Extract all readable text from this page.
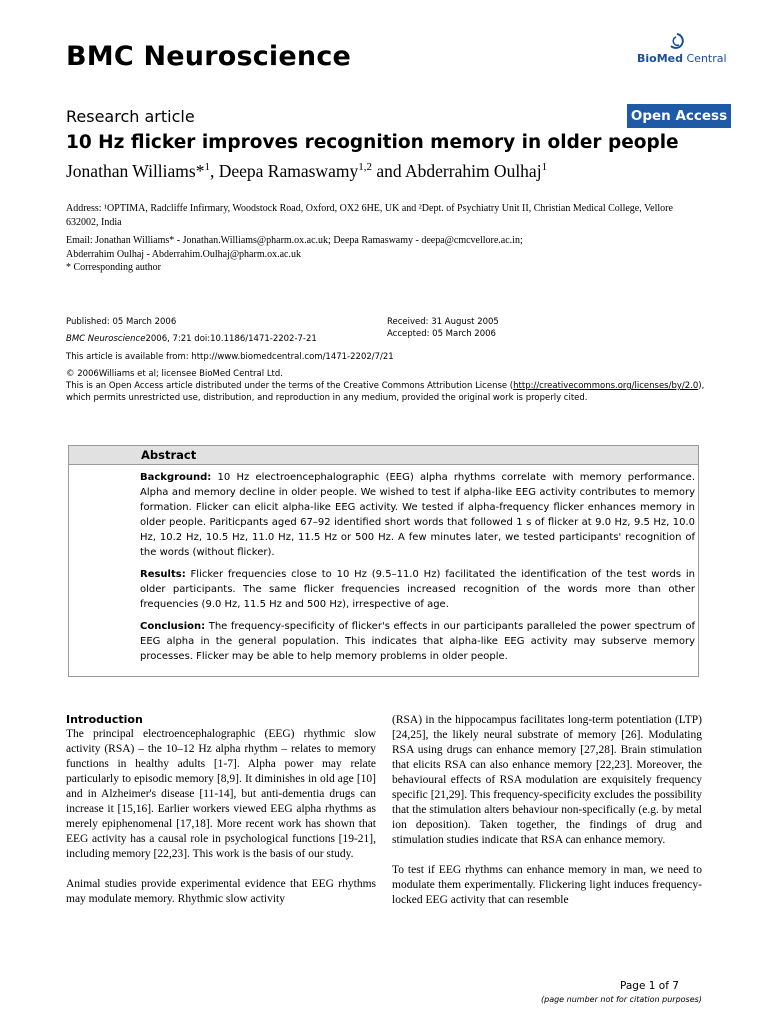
BMC Neuroscience	BioMed Central
Research article	Open Access
10 Hz flicker improves recognition memory in older people
Jonathan Williams*$^1$, Deepa Ramaswamy$^{1,2}$ and Abderrahim Oulhaj$^1$
Address: ¹OPTIMA, Radcliffe Infirmary, Woodstock Road, Oxford, OX2 6HE, UK and ²Dept. of Psychiatry Unit II, Christian Medical College, Vellore 632002, India
Email: Jonathan Williams* - Jonathan.Williams@pharm.ox.ac.uk; Deepa Ramaswamy - deepa@cmcvellore.ac.in;
Abderrahim Oulhaj - Abderrahim.Oulhaj@pharm.ox.ac.uk
* Corresponding author
Published: 05 March 2006
BMC Neuroscience2006, 7:21 doi:10.1186/1471-2202-7-21
Received: 31 August 2005
Accepted: 05 March 2006
This article is available from: http://www.biomedcentral.com/1471-2202/7/21
© 2006Williams et al; licensee BioMed Central Ltd.
This is an Open Access article distributed under the terms of the Creative Commons Attribution License (http://creativecommons.org/licenses/by/2.0),
which permits unrestricted use, distribution, and reproduction in any medium, provided the original work is properly cited.
Abstract

Background: 10 Hz electroencephalographic (EEG) alpha rhythms correlate with memory performance. Alpha and memory decline in older people. We wished to test if alpha-like EEG activity contributes to memory formation. Flicker can elicit alpha-like EEG activity. We tested if alpha-frequency flicker enhances memory in older people. Pariticpants aged 67–92 identified short words that followed 1 s of flicker at 9.0 Hz, 9.5 Hz, 10.0 Hz, 10.2 Hz, 10.5 Hz, 11.0 Hz, 11.5 Hz or 500 Hz. A few minutes later, we tested participants' recognition of the words (without flicker).

Results: Flicker frequencies close to 10 Hz (9.5–11.0 Hz) facilitated the identification of the test words in older participants. The same flicker frequencies increased recognition of the words more than other frequencies (9.0 Hz, 11.5 Hz and 500 Hz), irrespective of age.

Conclusion: The frequency-specificity of flicker's effects in our participants paralleled the power spectrum of EEG alpha in the general population. This indicates that alpha-like EEG activity may subserve memory processes. Flicker may be able to help memory problems in older people.

Introduction

The principal electroencephalographic (EEG) rhythmic slow activity (RSA) – the 10–12 Hz alpha rhythm – relates to memory functions in healthy adults [1-7]. Alpha power may relate particularly to episodic memory [8,9]. It diminishes in old age [10] and in Alzheimer's disease [11-14], but anti-dementia drugs can increase it [15,16]. Earlier workers viewed EEG alpha rhythms as merely epiphenomenal [17,18]. More recent work has shown that EEG activity has a causal role in psychological functions [19-21], including memory [22,23]. This work is the basis of our study.

Animal studies provide experimental evidence that EEG rhythms may modulate memory. Rhythmic slow activity

(RSA) in the hippocampus facilitates long-term potentiation (LTP) [24,25], the likely neural substrate of memory [26]. Modulating RSA using drugs can enhance memory [27,28]. Brain stimulation that elicits RSA can also enhance memory [22,23]. Moreover, the behavioural effects of RSA modulation are exquisitely frequency specific [21,29]. This frequency-specificity excludes the possibility that the stimulation alters behaviour non-specifically (e.g. by metal ion deposition). Taken together, the findings of drug and stimulation studies indicate that RSA can enhance memory.

To test if EEG rhythms can enhance memory in man, we need to modulate them experimentally. Flickering light induces frequency-locked EEG activity that can resemble

Page 1 of 7
(page number not for citation purposes)
